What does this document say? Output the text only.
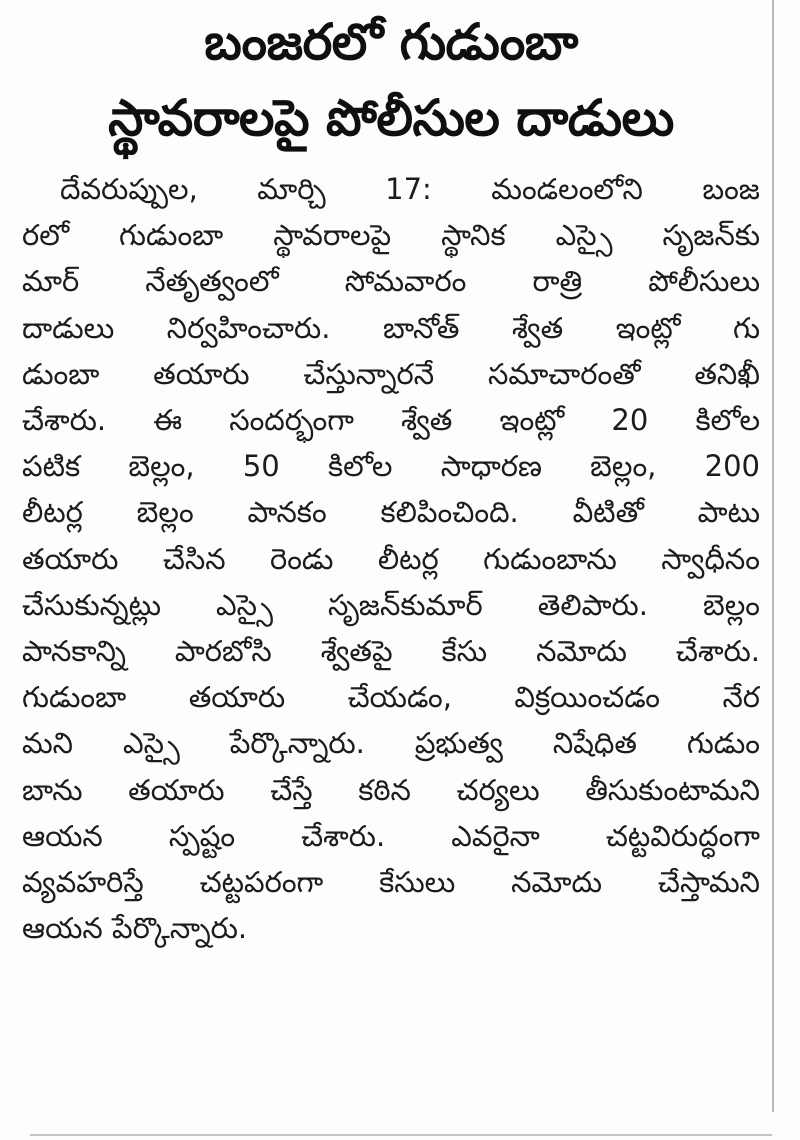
బంజరలో గుడుంబా
స్థావరాలపై పోలీసుల దాడులు
దేవరుప్పుల, మార్చి 17: మండలంలోని బంజ
రలో గుడుంబా స్థావరాలపై స్థానిక ఎస్సై సృజన్‌కు
మార్ నేతృత్వంలో సోమవారం రాత్రి పోలీసులు
దాడులు నిర్వహించారు. బానోత్ శ్వేత ఇంట్లో గు
డుంబా తయారు చేస్తున్నారనే సమాచారంతో తనిఖీ
చేశారు. ఈ సందర్భంగా శ్వేత ఇంట్లో 20 కిలోల
పటిక బెల్లం, 50 కిలోల సాధారణ బెల్లం, 200
లీటర్ల బెల్లం పానకం కలిపించింది. వీటితో పాటు
తయారు చేసిన రెండు లీటర్ల గుడుంబాను స్వాధీనం
చేసుకున్నట్లు ఎస్సై సృజన్‌కుమార్ తెలిపారు. బెల్లం
పానకాన్ని పారబోసి శ్వేతపై కేసు నమోదు చేశారు.
గుడుంబా తయారు చేయడం, విక్రయించడం నేర
మని ఎస్సై పేర్కొన్నారు. ప్రభుత్వ నిషేధిత గుడుం
బాను తయారు చేస్తే కఠిన చర్యలు తీసుకుంటామని
ఆయన స్పష్టం చేశారు. ఎవరైనా చట్టవిరుద్ధంగా
వ్యవహరిస్తే చట్టపరంగా కేసులు నమోదు చేస్తామని
ఆయన పేర్కొన్నారు.
